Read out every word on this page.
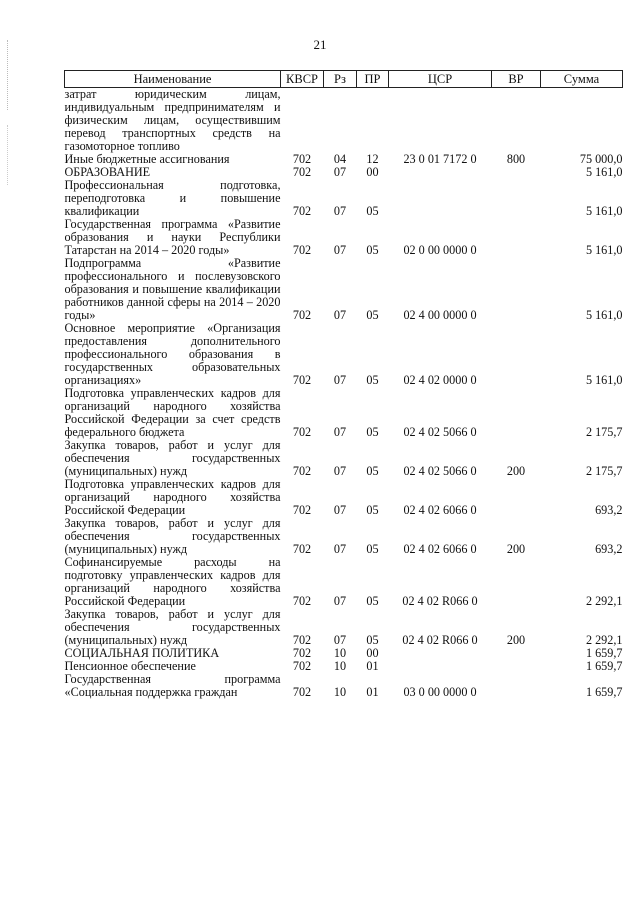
21
Наименование	КВСР	Рз	ПР	ЦСР	ВР	Сумма
затрат юридическим лицам, индивидуальным предпринимателям и физическим лицам, осуществившим перевод транспортных средств на газомоторное топливо						
Иные бюджетные ассигнования	702	04	12	23 0 01 7172 0	800	75 000,0
ОБРАЗОВАНИЕ	702	07	00			5 161,0
Профессиональная подготовка, переподготовка и повышение квалификации	702	07	05			5 161,0
Государственная программа «Развитие образования и науки Республики Татарстан на 2014 – 2020 годы»	702	07	05	02 0 00 0000 0		5 161,0
Подпрограмма «Развитие профессионального и послевузовского образования и повышение квалификации работников данной сферы на 2014 – 2020 годы»	702	07	05	02 4 00 0000 0		5 161,0
Основное мероприятие «Организация предоставления дополнительного профессионального образования в государственных образовательных организациях»	702	07	05	02 4 02 0000 0		5 161,0
Подготовка управленческих кадров для организаций народного хозяйства Российской Федерации за счет средств федерального бюджета	702	07	05	02 4 02 5066 0		2 175,7
Закупка товаров, работ и услуг для обеспечения государственных (муниципальных) нужд	702	07	05	02 4 02 5066 0	200	2 175,7
Подготовка управленческих кадров для организаций народного хозяйства Российской Федерации	702	07	05	02 4 02 6066 0		693,2
Закупка товаров, работ и услуг для обеспечения государственных (муниципальных) нужд	702	07	05	02 4 02 6066 0	200	693,2
Софинансируемые расходы на подготовку управленческих кадров для организаций народного хозяйства Российской Федерации	702	07	05	02 4 02 R066 0		2 292,1
Закупка товаров, работ и услуг для обеспечения государственных (муниципальных) нужд	702	07	05	02 4 02 R066 0	200	2 292,1
СОЦИАЛЬНАЯ ПОЛИТИКА	702	10	00			1 659,7
Пенсионное обеспечение	702	10	01			1 659,7
Государственная программа «Социальная поддержка граждан	702	10	01	03 0 00 0000 0		1 659,7
